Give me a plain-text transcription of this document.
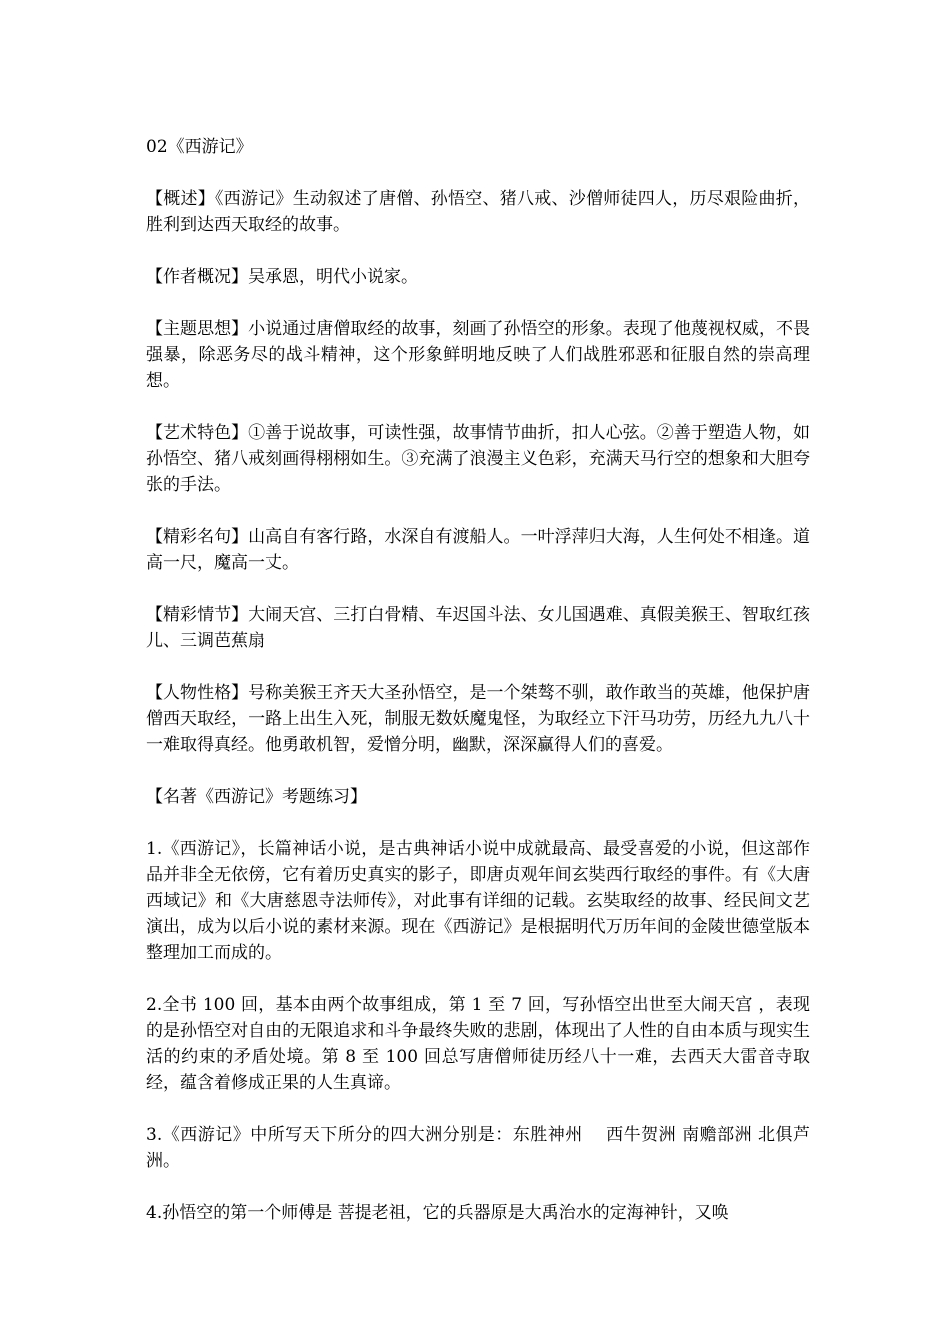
02《西游记》

【概述】《西游记》生动叙述了唐僧、孙悟空、猪八戒、沙僧师徒四人，历尽艰险曲折，胜利到达西天取经的故事。

【作者概况】吴承恩，明代小说家。

【主题思想】小说通过唐僧取经的故事，刻画了孙悟空的形象。表现了他蔑视权威，不畏强暴，除恶务尽的战斗精神，这个形象鲜明地反映了人们战胜邪恶和征服自然的崇高理想。

【艺术特色】①善于说故事，可读性强，故事情节曲折，扣人心弦。②善于塑造人物，如孙悟空、猪八戒刻画得栩栩如生。③充满了浪漫主义色彩，充满天马行空的想象和大胆夸张的手法。

【精彩名句】山高自有客行路，水深自有渡船人。一叶浮萍归大海，人生何处不相逢。道高一尺，魔高一丈。

【精彩情节】大闹天宫、三打白骨精、车迟国斗法、女儿国遇难、真假美猴王、智取红孩儿、三调芭蕉扇

【人物性格】号称美猴王齐天大圣孙悟空，是一个桀骜不驯，敢作敢当的英雄，他保护唐僧西天取经，一路上出生入死，制服无数妖魔鬼怪，为取经立下汗马功劳，历经九九八十一难取得真经。他勇敢机智，爱憎分明，幽默，深深赢得人们的喜爱。

【名著《西游记》考题练习】

1.《西游记》，长篇神话小说，是古典神话小说中成就最高、最受喜爱的小说，但这部作品并非全无依傍，它有着历史真实的影子，即唐贞观年间玄奘西行取经的事件。有《大唐西域记》和《大唐慈恩寺法师传》，对此事有详细的记载。玄奘取经的故事、经民间文艺演出，成为以后小说的素材来源。现在《西游记》是根据明代万历年间的金陵世德堂版本整理加工而成的。

2.全书 100 回，基本由两个故事组成，第 1 至 7 回，写孙悟空出世至大闹天宫 ，表现的是孙悟空对自由的无限追求和斗争最终失败的悲剧，体现出了人性的自由本质与现实生活的约束的矛盾处境。第 8 至 100 回总写唐僧师徒历经八十一难，去西天大雷音寺取经，蕴含着修成正果的人生真谛。

3.《西游记》中所写天下所分的四大洲分别是：东胜神州　 西牛贺洲 南赡部洲 北俱芦洲。

4.孙悟空的第一个师傅是 菩提老祖，它的兵器原是大禹治水的定海神针，又唤
